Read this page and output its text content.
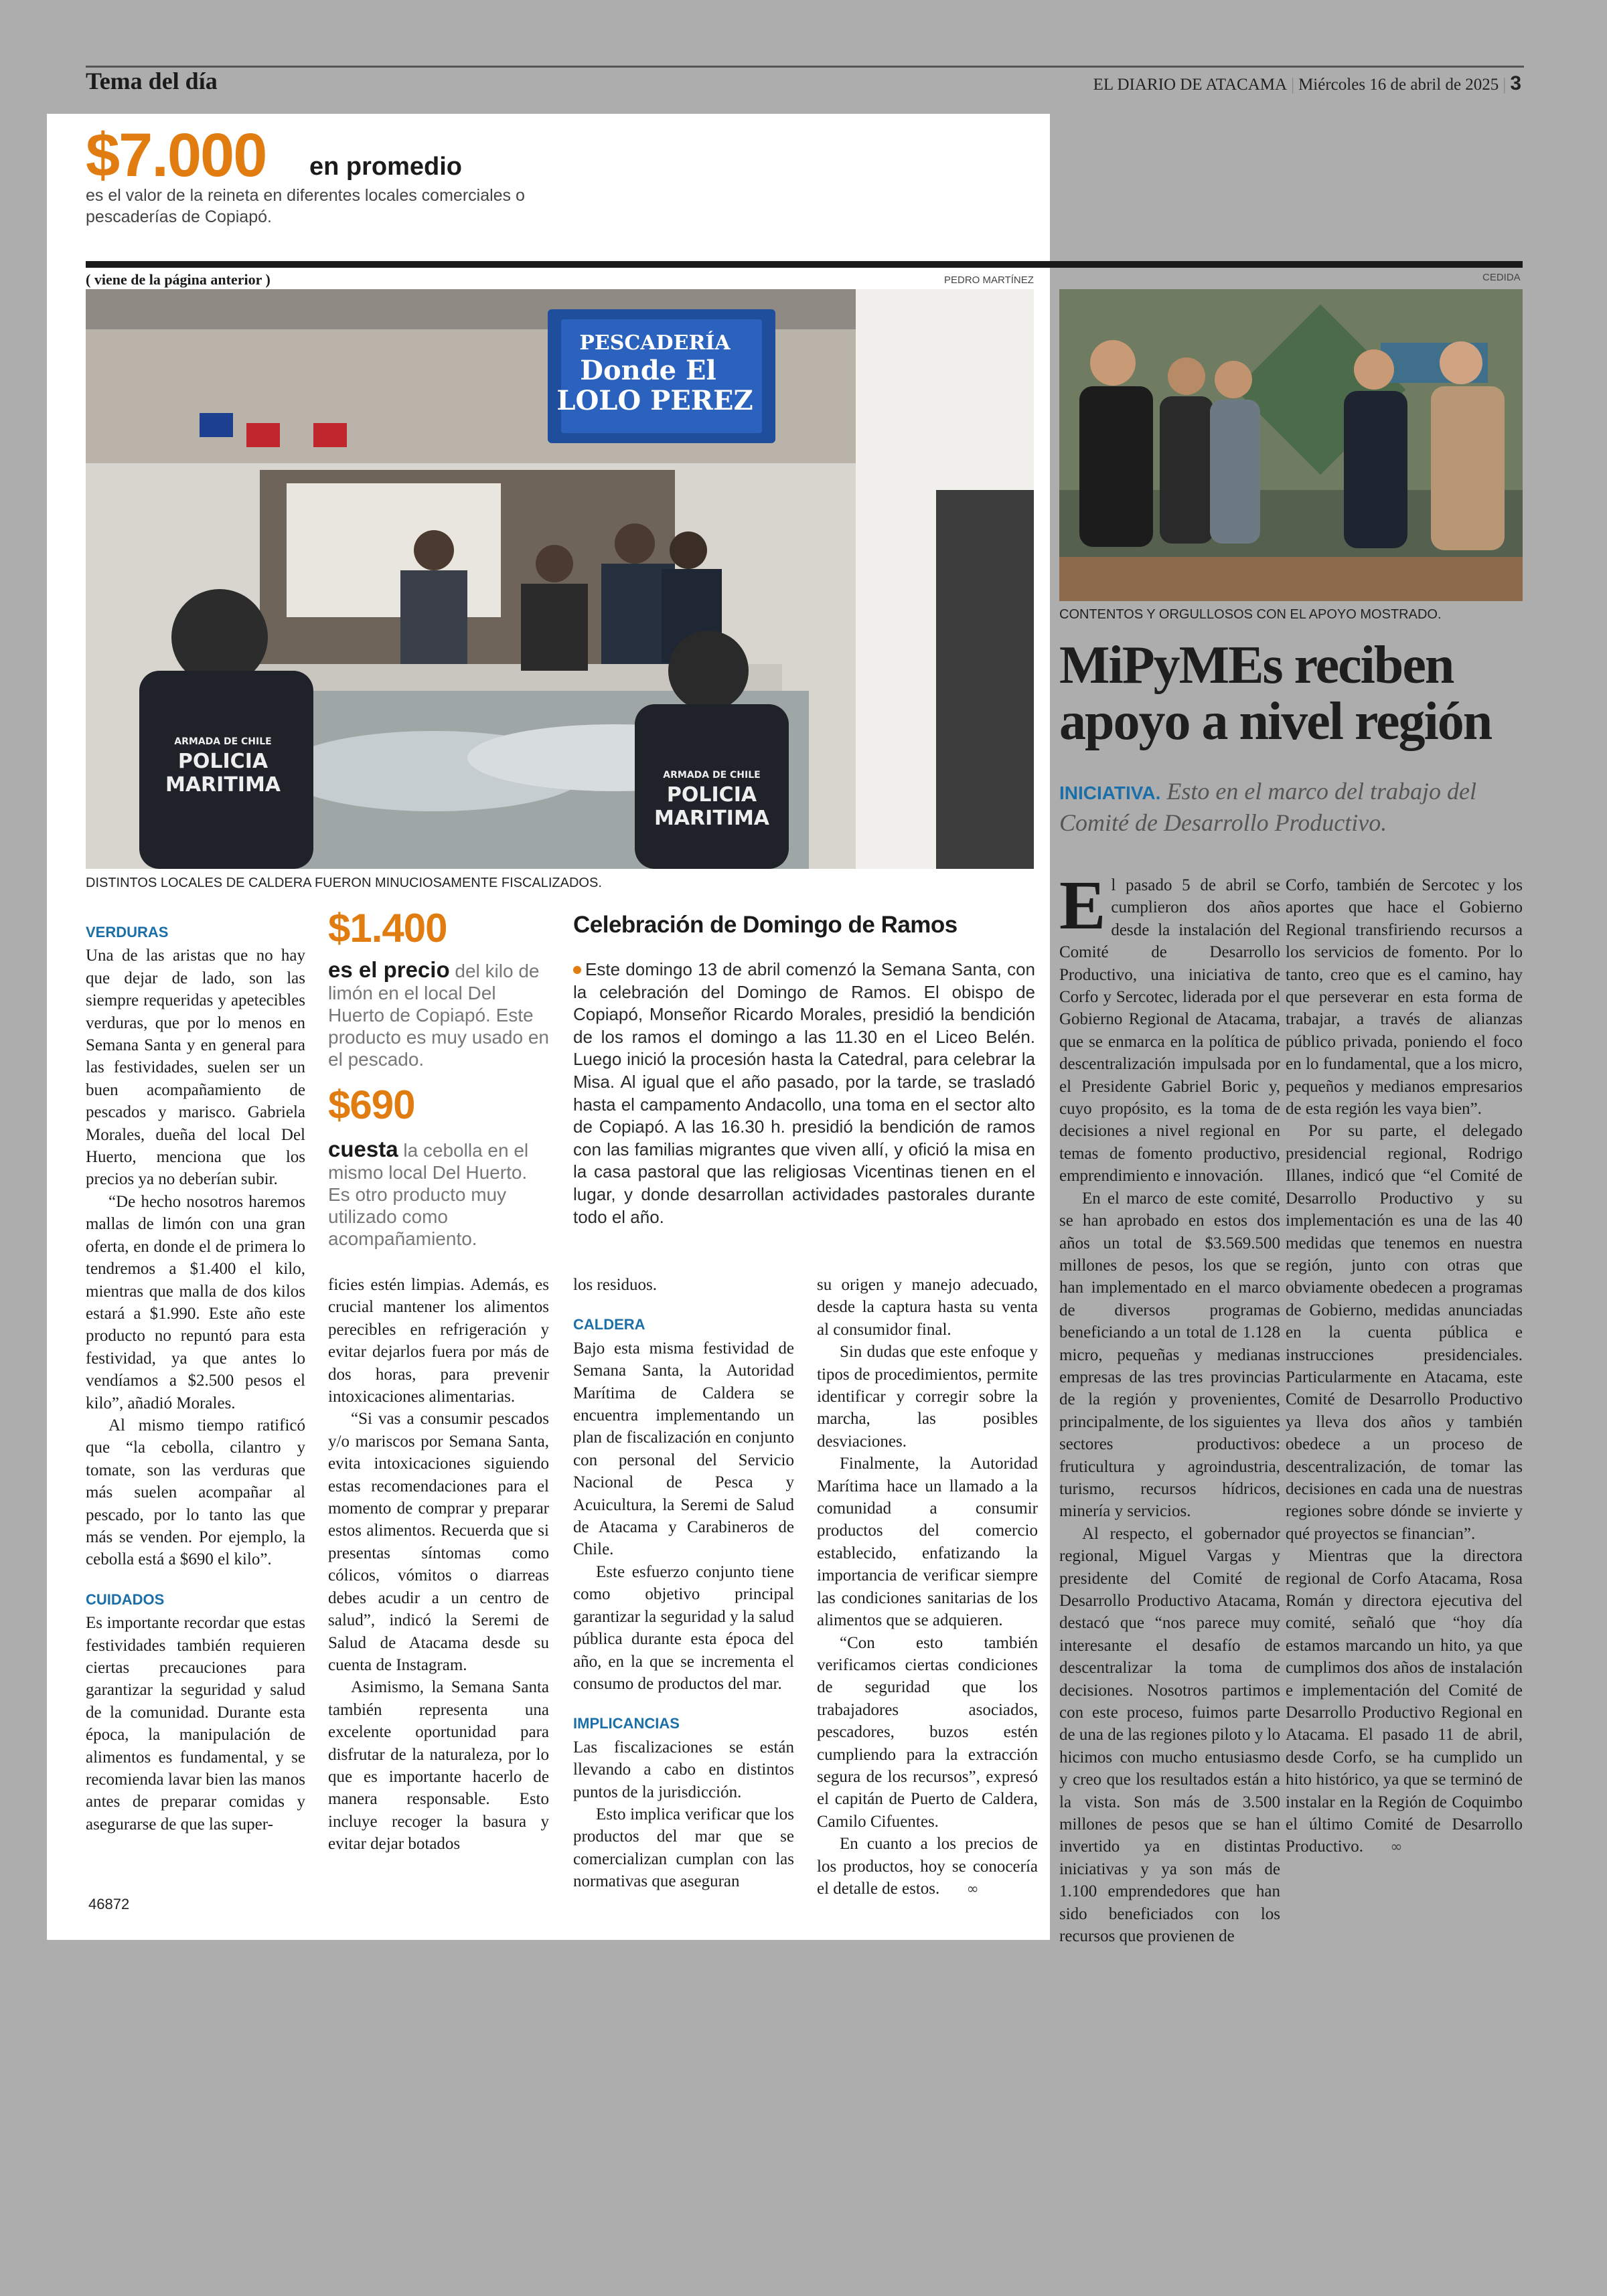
Tema del día	EL DIARIO DE ATACAMA | Miércoles 16 de abril de 2025 | 3
$7.000 en promedio
es el valor de la reineta en diferentes locales comerciales o pescaderías de Copiapó.
( viene de la página anterior )	PEDRO MARTÍNEZ	CEDIDA
PESCADERÍA
Donde El
LOLO PEREZ
ARMADA DE CHILE
POLICIA
MARITIMA	ARMADA DE CHILE
POLICIA
MARITIMA
DISTINTOS LOCALES DE CALDERA FUERON MINUCIOSAMENTE FISCALIZADOS.
$1.400
es el precio del kilo de limón en el local Del Huerto de Copiapó. Este producto es muy usado en el pescado.
$690
cuesta la cebolla en el mismo local Del Huerto. Es otro producto muy utilizado como acompañamiento.
Celebración de Domingo de Ramos
Este domingo 13 de abril comenzó la Semana Santa, con la celebración del Domingo de Ramos. El obispo de Copiapó, Monseñor Ricardo Morales, presidió la bendición de los ramos el domingo a las 11.30 en el Liceo Belén. Luego inició la procesión hasta la Catedral, para celebrar la Misa. Al igual que el año pasado, por la tarde, se trasladó hasta el campamento Andacollo, una toma en el sector alto de Copiapó. A las 16.30 h. presidió la bendición de ramos con las familias migrantes que viven allí, y ofició la misa en la casa pastoral que las religiosas Vicentinas tienen en el lugar, y donde desarrollan actividades pastorales durante todo el año.
VERDURAS

Una de las aristas que no hay que dejar de lado, son las siempre requeridas y apetecibles verduras, que por lo menos en Semana Santa y en general para las festividades, suelen ser un buen acompañamiento de pescados y marisco. Gabriela Morales, dueña del local Del Huerto, menciona que los precios ya no deberían subir.

“De hecho nosotros haremos mallas de limón con una gran oferta, en donde el de primera lo tendremos a $1.400 el kilo, mientras que malla de dos kilos estará a $1.990. Este año este producto no repuntó para esta festividad, ya que antes lo vendíamos a $2.500 pesos el kilo”, añadió Morales.

Al mismo tiempo ratificó que “la cebolla, cilantro y tomate, son las verduras que más suelen acompañar al pescado, por lo tanto las que más se venden. Por ejemplo, la cebolla está a $690 el kilo”.

CUIDADOS

Es importante recordar que estas festividades también requieren ciertas precauciones para garantizar la seguridad y salud de la comunidad. Durante esta época, la manipulación de alimentos es fundamental, y se recomienda lavar bien las manos antes de preparar comidas y asegurarse de que las super-

ficies estén limpias. Además, es crucial mantener los alimentos perecibles en refrigeración y evitar dejarlos fuera por más de dos horas, para prevenir intoxicaciones alimentarias.

“Si vas a consumir pescados y/o mariscos por Semana Santa, evita intoxicaciones siguiendo estas recomendaciones para el momento de comprar y preparar estos alimentos. Recuerda que si presentas síntomas como cólicos, vómitos o diarreas debes acudir a un centro de salud”, indicó la Seremi de Salud de Atacama desde su cuenta de Instagram.

Asimismo, la Semana Santa también representa una excelente oportunidad para disfrutar de la naturaleza, por lo que es importante hacerlo de manera responsable. Esto incluye recoger la basura y evitar dejar botados

los residuos.

CALDERA

Bajo esta misma festividad de Semana Santa, la Autoridad Marítima de Caldera se encuentra implementando un plan de fiscalización en conjunto con personal del Servicio Nacional de Pesca y Acuicultura, la Seremi de Salud de Atacama y Carabineros de Chile.

Este esfuerzo conjunto tiene como objetivo principal garantizar la seguridad y la salud pública durante esta época del año, en la que se incrementa el consumo de productos del mar.

IMPLICANCIAS

Las fiscalizaciones se están llevando a cabo en distintos puntos de la jurisdicción.

Esto implica verificar que los productos del mar que se comercializan cumplan con las normativas que aseguran

su origen y manejo adecuado, desde la captura hasta su venta al consumidor final.

Sin dudas que este enfoque y tipos de procedimientos, permite identificar y corregir sobre la marcha, las posibles desviaciones.

Finalmente, la Autoridad Marítima hace un llamado a la comunidad a consumir productos del comercio establecido, enfatizando la importancia de verificar siempre las condiciones sanitarias de los alimentos que se adquieren.

“Con esto también verificamos ciertas condiciones de seguridad que los trabajadores asociados, pescadores, buzos estén cumpliendo para la extracción segura de los recursos”, expresó el capitán de Puerto de Caldera, Camilo Cifuentes.

En cuanto a los precios de los productos, hoy se conocería el detalle de estos. ∞

46872
CONTENTOS Y ORGULLOSOS CON EL APOYO MOSTRADO.
MiPyMEs reciben apoyo a nivel región
INICIATIVA. Esto en el marco del trabajo del Comité de Desarrollo Productivo.

El pasado 5 de abril se cumplieron dos años desde la instalación del Comité de Desarrollo Productivo, una iniciativa de Corfo y Sercotec, liderada por el Gobierno Regional de Atacama, que se enmarca en la política de descentralización impulsada por el Presidente Gabriel Boric y, cuyo propósito, es la toma de decisiones a nivel regional en temas de fomento productivo, emprendimiento e innovación.

En el marco de este comité, se han aprobado en estos dos años un total de $3.569.500 millones de pesos, los que se han implementado en el marco de diversos programas beneficiando a un total de 1.128 micro, pequeñas y medianas empresas de las tres provincias de la región y provenientes, principalmente, de los siguientes sectores productivos: fruticultura y agroindustria, turismo, recursos hídricos, minería y servicios.

Al respecto, el gobernador regional, Miguel Vargas y presidente del Comité de Desarrollo Productivo Atacama, destacó que “nos parece muy interesante el desafío de descentralizar la toma de decisiones. Nosotros partimos con este proceso, fuimos parte de una de las regiones piloto y lo hicimos con mucho entusiasmo y creo que los resultados están a la vista. Son más de 3.500 millones de pesos que se han invertido ya en distintas iniciativas y ya son más de 1.100 emprendedores que han sido beneficiados con los recursos que provienen de

Corfo, también de Sercotec y los aportes que hace el Gobierno Regional transfiriendo recursos a los servicios de fomento. Por lo tanto, creo que es el camino, hay que perseverar en esta forma de trabajar, a través de alianzas público privada, poniendo el foco en lo fundamental, que a los micro, pequeños y medianos empresarios de esta región les vaya bien”.

Por su parte, el delegado presidencial regional, Rodrigo Illanes, indicó que “el Comité de Desarrollo Productivo y su implementación es una de las 40 medidas que tenemos en nuestra región, junto con otras que obviamente obedecen a programas de Gobierno, medidas anunciadas en la cuenta pública e instrucciones presidenciales. Particularmente en Atacama, este Comité de Desarrollo Productivo ya lleva dos años y también obedece a un proceso de descentralización, de tomar las decisiones en cada una de nuestras regiones sobre dónde se invierte y qué proyectos se financian”.

Mientras que la directora regional de Corfo Atacama, Rosa Román y directora ejecutiva del comité, señaló que “hoy día estamos marcando un hito, ya que cumplimos dos años de instalación e implementación del Comité de Desarrollo Productivo Regional en Atacama. El pasado 11 de abril, desde Corfo, se ha cumplido un hito histórico, ya que se terminó de instalar en la Región de Coquimbo el último Comité de Desarrollo Productivo. ∞
